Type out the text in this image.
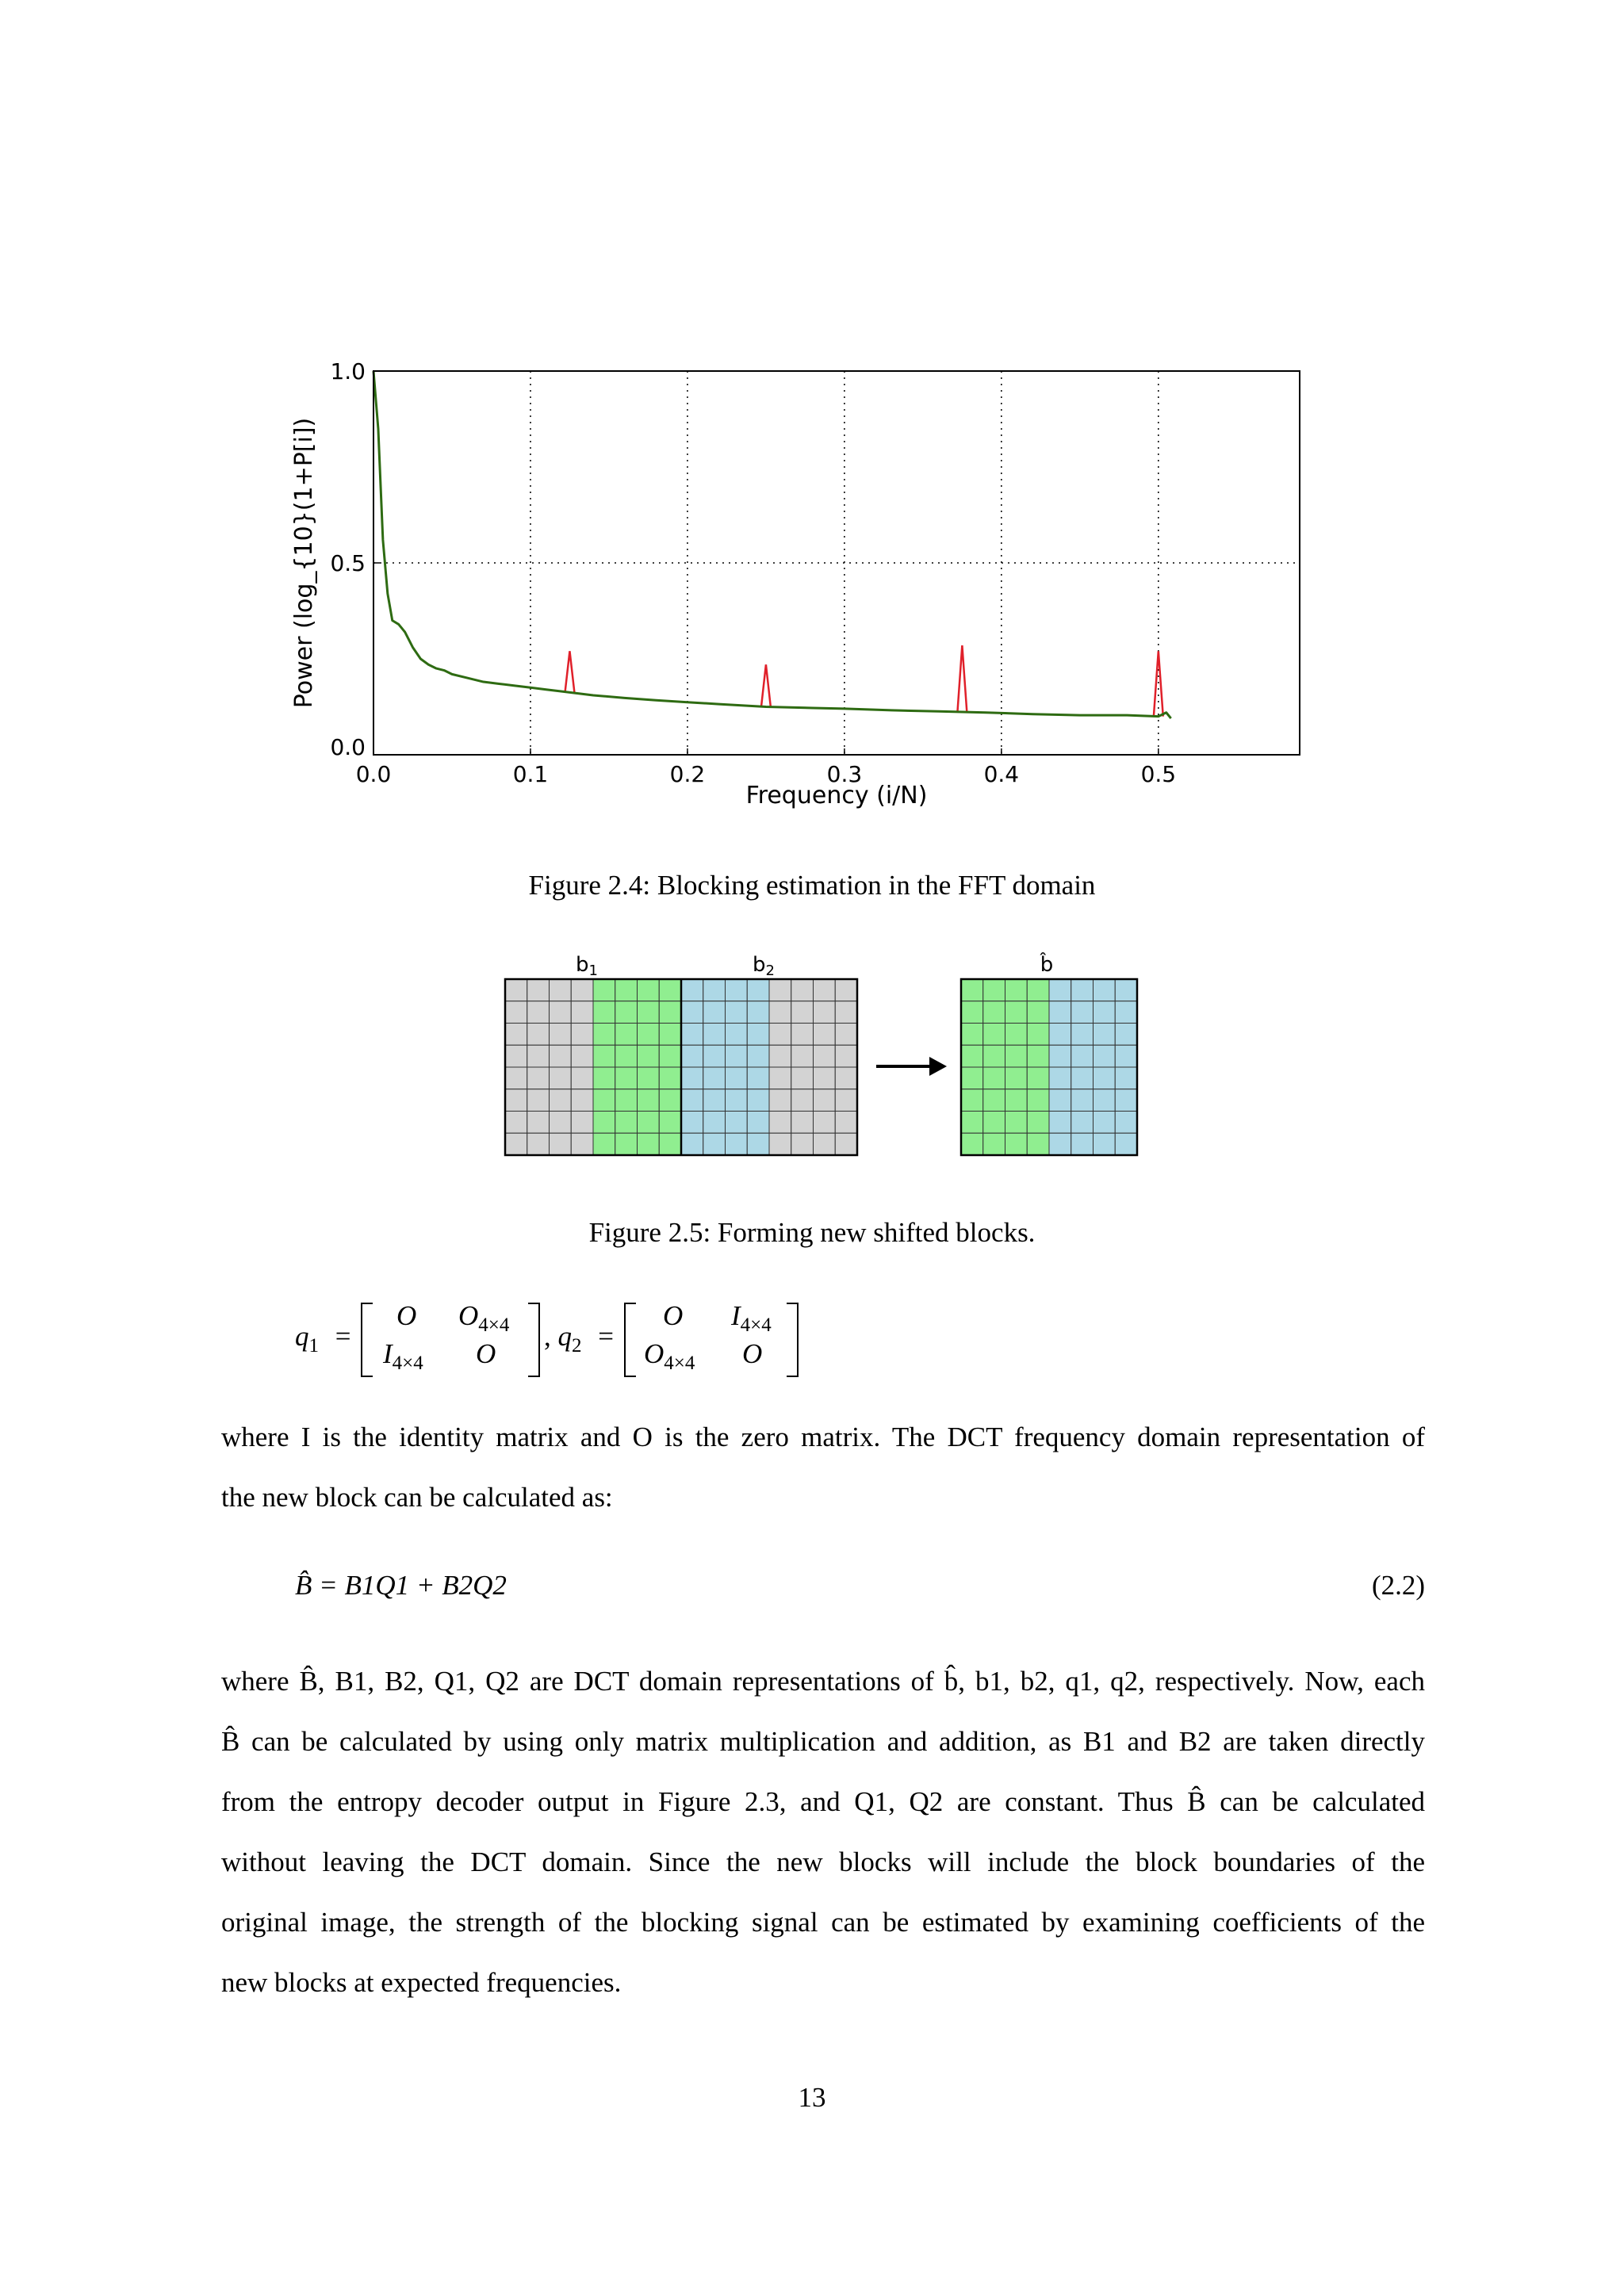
0.0	0.1	0.2	0.3	0.4	0.5
0.0
0.5
1.0
Frequency (i/N)
Power (log_{10}(1+P[i])
Figure 2.4: Blocking estimation in the FFT domain
b1	b2	b̂
Figure 2.5: Forming new shifted blocks.
$q_1$ =
O $O_{4\times 4}$
$I_{4\times 4}$ O
, $q_2$ =
O $I_{4\times 4}$
$O_{4\times 4}$ O
where I is the identity matrix and O is the zero matrix. The DCT frequency domain representation of
the new block can be calculated as:
B̂ = B1Q1 + B2Q2	(2.2)
where B̂, B1, B2, Q1, Q2 are DCT domain representations of b̂, b1, b2, q1, q2, respectively. Now, each
B̂ can be calculated by using only matrix multiplication and addition, as B1 and B2 are taken directly
from the entropy decoder output in Figure 2.3, and Q1, Q2 are constant. Thus B̂ can be calculated
without leaving the DCT domain. Since the new blocks will include the block boundaries of the
original image, the strength of the blocking signal can be estimated by examining coefficients of the
new blocks at expected frequencies.
13
